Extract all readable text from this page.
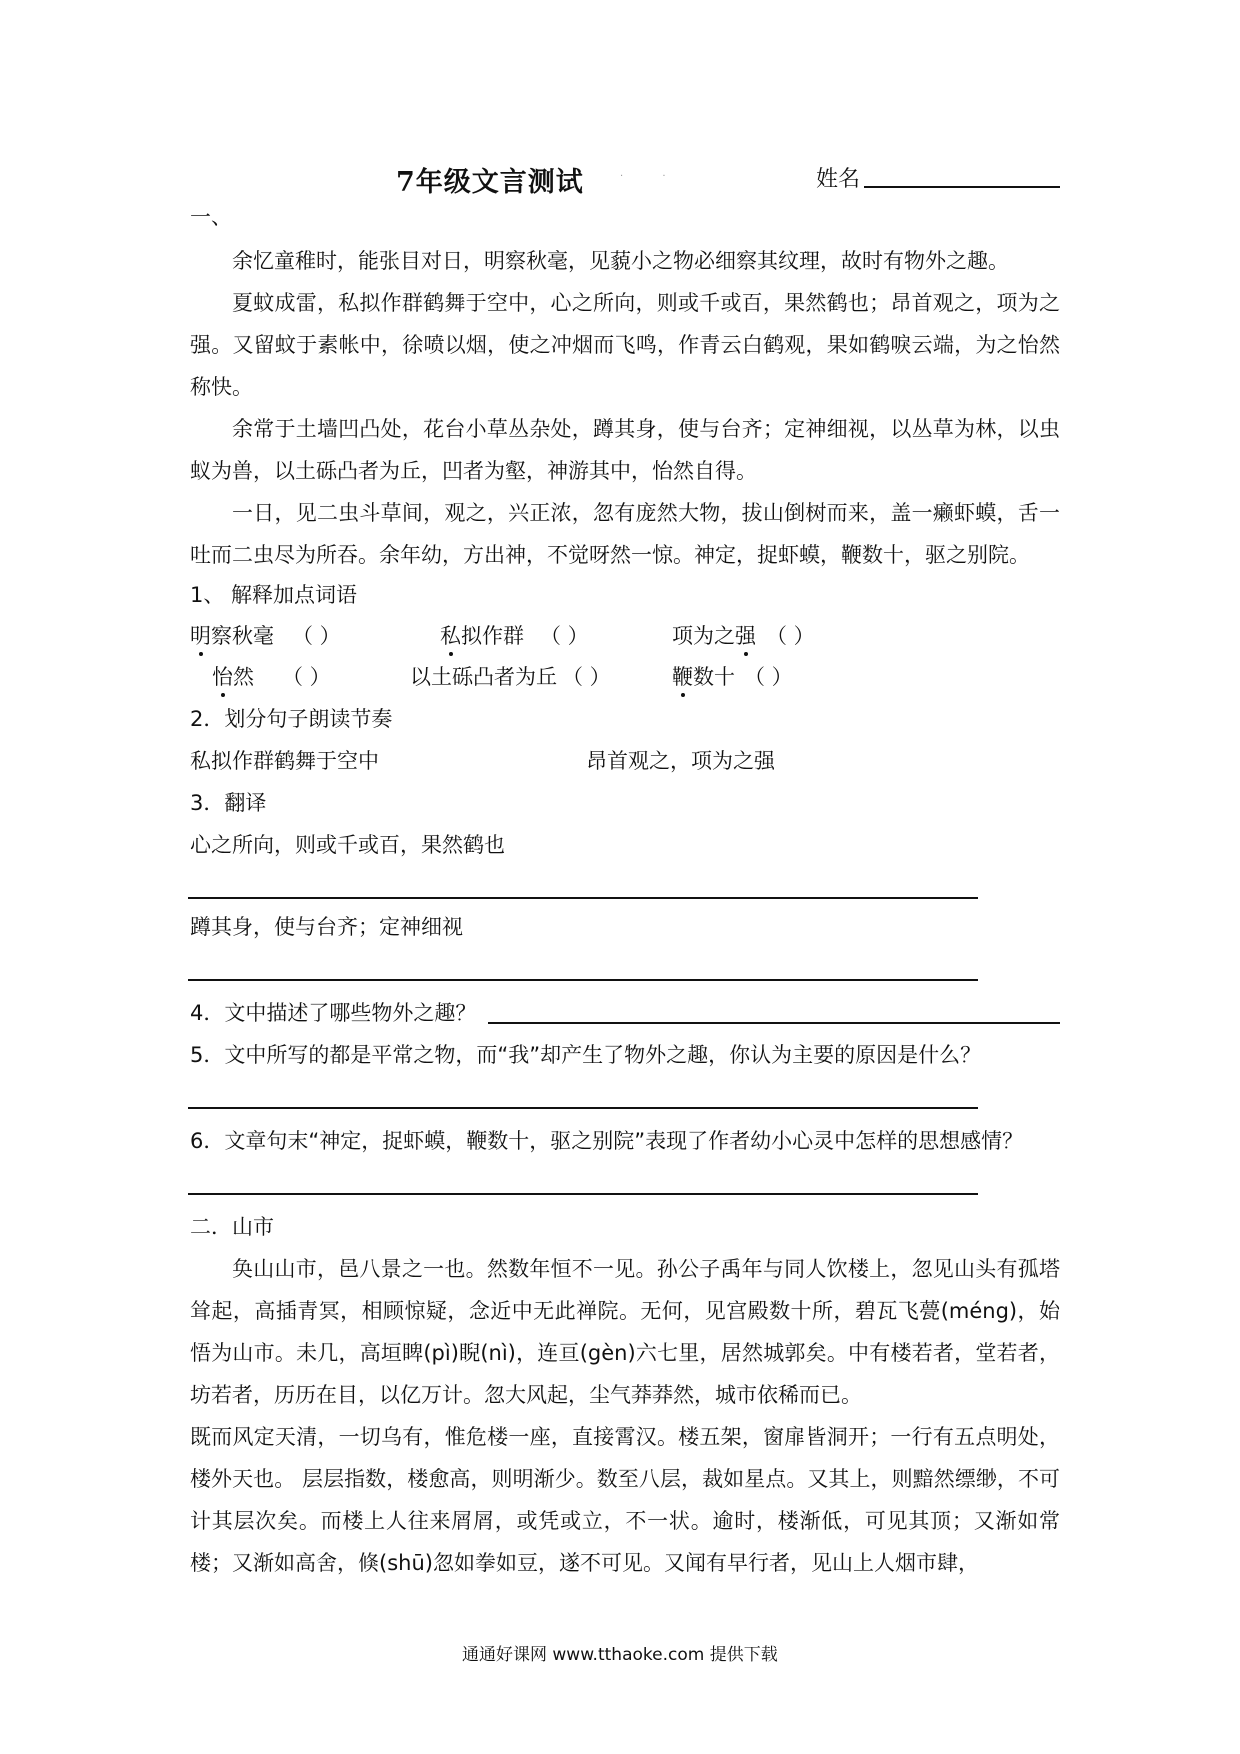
7年级文言测试	. .	姓名
一、
余忆童稚时，能张目对日，明察秋毫，见藐小之物必细察其纹理，故时有物外之趣。
夏蚊成雷，私拟作群鹤舞于空中，心之所向，则或千或百，果然鹤也；昂首观之，项为之强。又留蚊于素帐中，徐喷以烟，使之冲烟而飞鸣，作青云白鹤观，果如鹤唳云端，为之怡然称快。
余常于土墙凹凸处，花台小草丛杂处，蹲其身，使与台齐；定神细视，以丛草为林，以虫蚁为兽，以土砾凸者为丘，凹者为壑，神游其中，怡然自得。
一日，见二虫斗草间，观之，兴正浓，忽有庞然大物，拔山倒树而来，盖一癞虾蟆，舌一吐而二虫尽为所吞。余年幼，方出神，不觉呀然一惊。神定，捉虾蟆，鞭数十，驱之别院。
1、 解释加点词语
明察秋毫 （ ）	私拟作群 （ ）	项为之强 （ ）
怡然 （ ）	以土砾凸者为丘 （ ）	鞭数十 （ ）
2．划分句子朗读节奏
私拟作群鹤舞于空中	昂首观之，项为之强
3．翻译
心之所向，则或千或百，果然鹤也
蹲其身，使与台齐；定神细视
4．文中描述了哪些物外之趣？
5．文中所写的都是平常之物，而“我”却产生了物外之趣，你认为主要的原因是什么？
6．文章句末“神定，捉虾蟆，鞭数十，驱之别院”表现了作者幼小心灵中怎样的思想感情？
二．山市
奂山山市，邑八景之一也。然数年恒不一见。孙公子禹年与同人饮楼上，忽见山头有孤塔耸起，高插青冥，相顾惊疑，念近中无此禅院。无何，见宫殿数十所，碧瓦飞甍(méng)，始悟为山市。未几，高垣睥(pì)睨(nì)，连亘(gèn)六七里，居然城郭矣。中有楼若者，堂若者，坊若者，历历在目，以亿万计。忽大风起，尘气莽莽然，城市依稀而已。
既而风定天清，一切乌有，惟危楼一座，直接霄汉。楼五架，窗扉皆洞开；一行有五点明处，楼外天也。 层层指数，楼愈高，则明渐少。数至八层，裁如星点。又其上，则黯然缥缈，不可计其层次矣。而楼上人往来屑屑，或凭或立，不一状。逾时，楼渐低，可见其顶；又渐如常楼；又渐如高舍，倏(shū)忽如拳如豆，遂不可见。又闻有早行者，见山上人烟市肆，
通通好课网 www.tthaoke.com 提供下载
